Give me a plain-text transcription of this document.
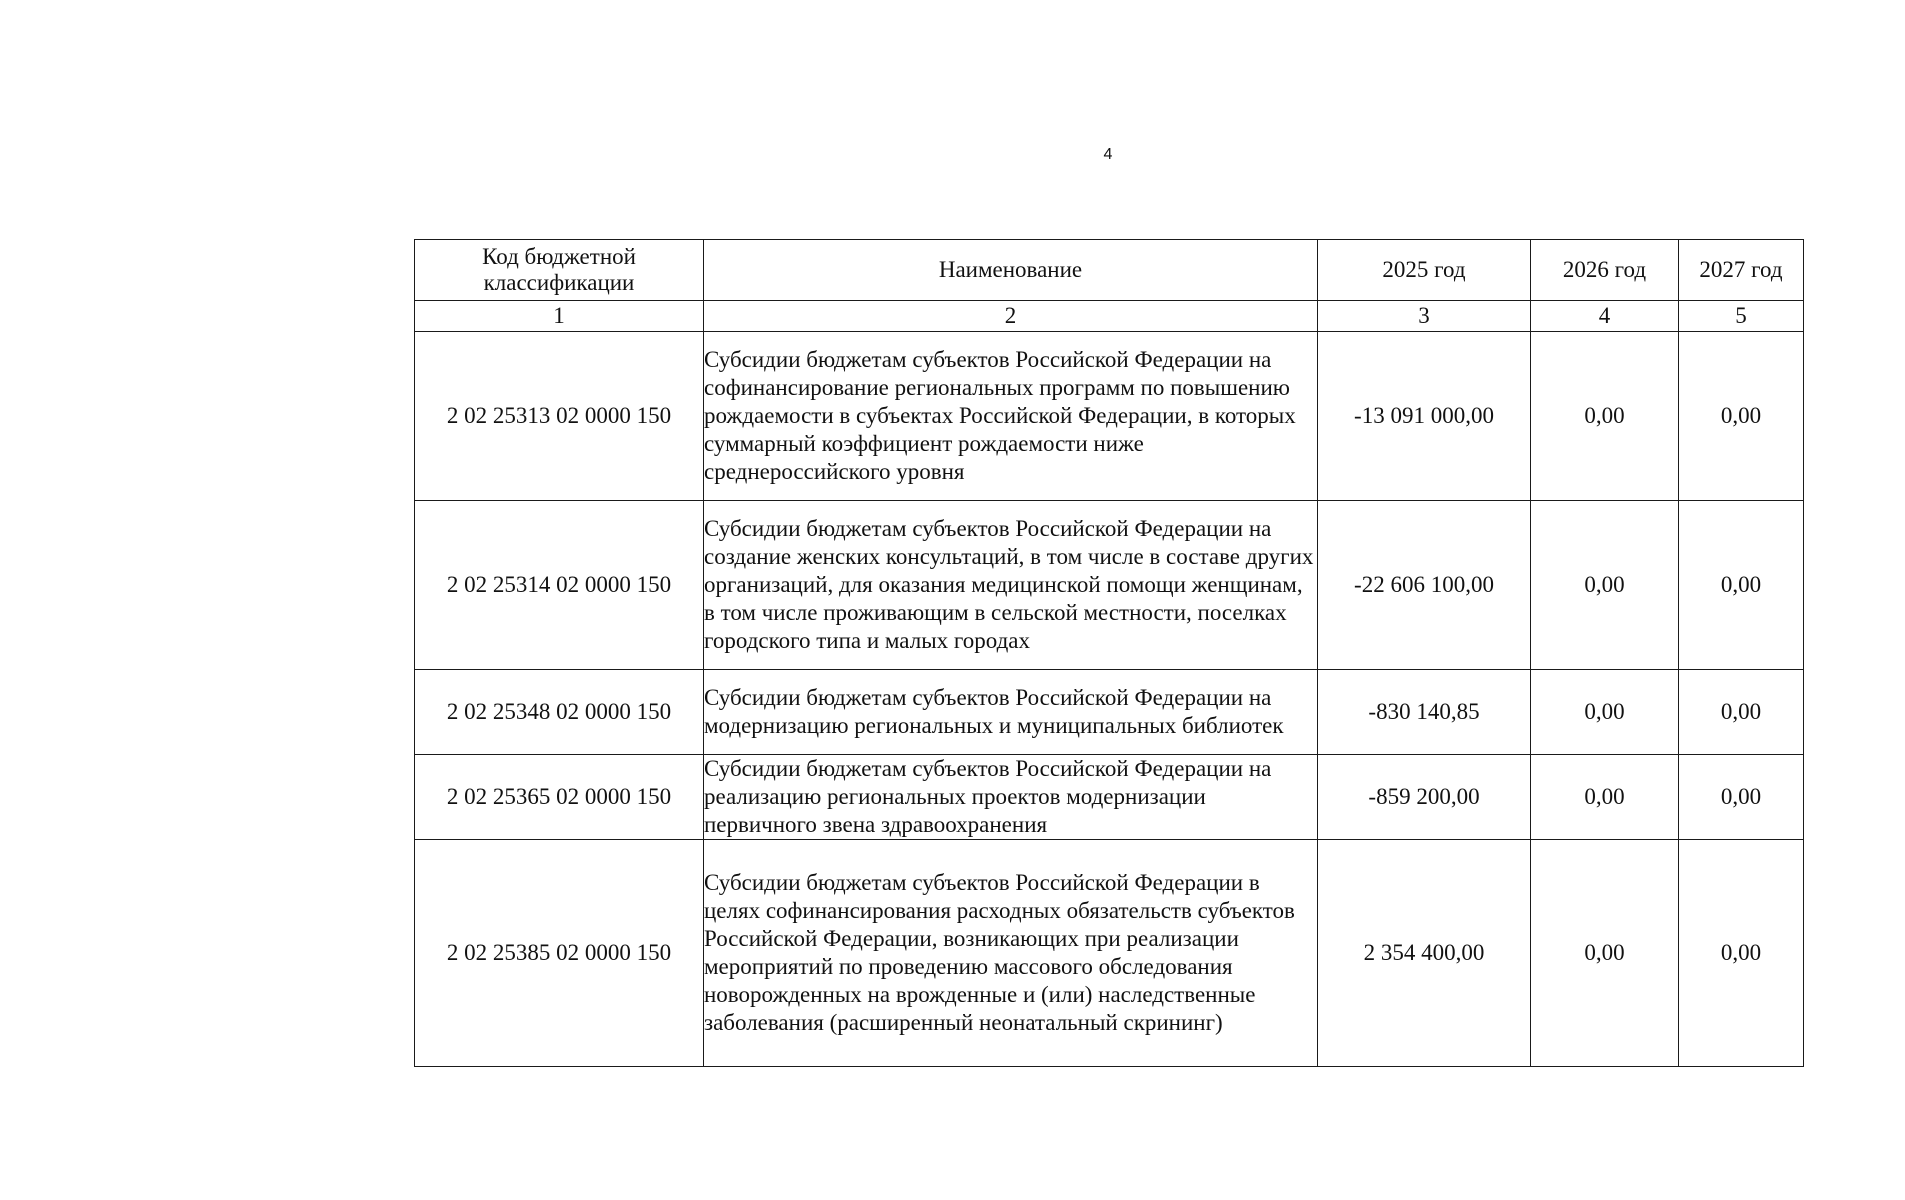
4
Код бюджетной классификации	Наименование	2025 год	2026 год	2027 год
1	2	3	4	5
2 02 25313 02 0000 150	Субсидии бюджетам субъектов Российской Федерации на софинансирование региональных программ по повышению рождаемости в субъектах Российской Федерации, в которых суммарный коэффициент рождаемости ниже среднероссийского уровня	-13 091 000,00	0,00	0,00
2 02 25314 02 0000 150	Субсидии бюджетам субъектов Российской Федерации на создание женских консультаций, в том числе в составе других организаций, для оказания медицинской помощи женщинам, в том числе проживающим в сельской местности, поселках городского типа и малых городах	-22 606 100,00	0,00	0,00
2 02 25348 02 0000 150	Субсидии бюджетам субъектов Российской Федерации на модернизацию региональных и муниципальных библиотек	-830 140,85	0,00	0,00
2 02 25365 02 0000 150	Субсидии бюджетам субъектов Российской Федерации на реализацию региональных проектов модернизации первичного звена здравоохранения	-859 200,00	0,00	0,00
2 02 25385 02 0000 150	Субсидии бюджетам субъектов Российской Федерации в целях софинансирования расходных обязательств субъектов Российской Федерации, возникающих при реализации мероприятий по проведению массового обследования новорожденных на врожденные и (или) наследственные заболевания (расширенный неонатальный скрининг)	2 354 400,00	0,00	0,00
